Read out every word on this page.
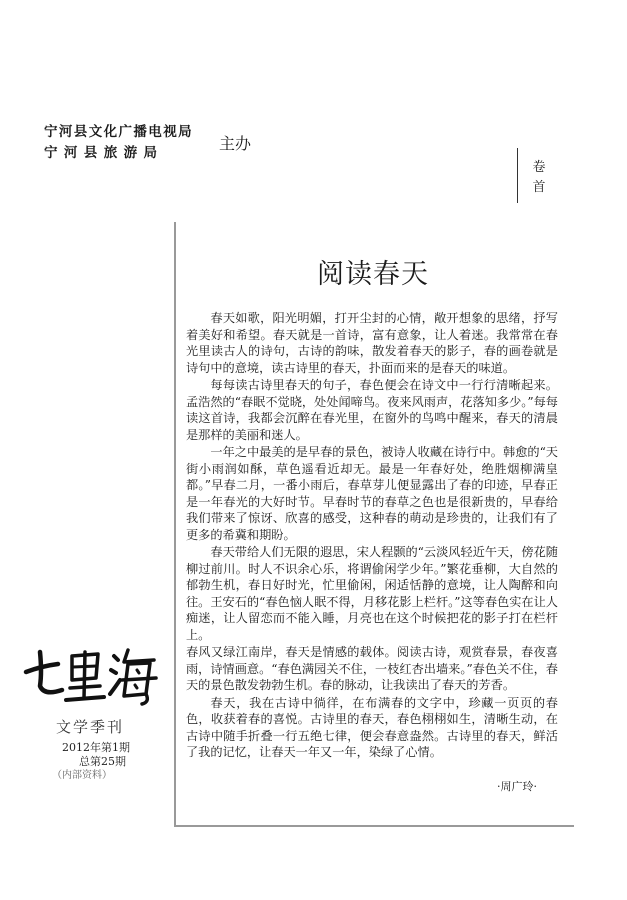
宁河县文化广播电视局
宁河县旅游局	主办
卷首
阅读春天

春天如歌，阳光明媚，打开尘封的心情，敞开想象的思绪，抒写着美好和希望。春天就是一首诗，富有意象，让人着迷。我常常在春光里读古人的诗句，古诗的韵味，散发着春天的影子，春的画卷就是诗句中的意境，读古诗里的春天，扑面而来的是春天的味道。

每每读古诗里春天的句子，春色便会在诗文中一行行清晰起来。孟浩然的“春眠不觉晓，处处闻啼鸟。夜来风雨声，花落知多少。”每每读这首诗，我都会沉醉在春光里，在窗外的鸟鸣中醒来，春天的清晨是那样的美丽和迷人。

一年之中最美的是早春的景色，被诗人收藏在诗行中。韩愈的“天街小雨润如酥，草色遥看近却无。最是一年春好处，绝胜烟柳满皇都。”早春二月，一番小雨后，春草芽儿便显露出了春的印迹，早春正是一年春光的大好时节。早春时节的春草之色也是很新贵的，早春给我们带来了惊讶、欣喜的感受，这种春的萌动是珍贵的，让我们有了更多的希冀和期盼。

春天带给人们无限的遐思，宋人程颢的“云淡风轻近午天，傍花随柳过前川。时人不识余心乐，将谓偷闲学少年。”繁花垂柳，大自然的郁勃生机，春日好时光，忙里偷闲，闲适恬静的意境，让人陶醉和向往。王安石的“春色恼人眠不得，月移花影上栏杆。”这等春色实在让人痴迷，让人留恋而不能入睡，月亮也在这个时候把花的影子打在栏杆上。

春风又绿江南岸，春天是情感的载体。阅读古诗，观赏春景，春夜喜雨，诗情画意。“春色满园关不住，一枝红杏出墙来。”春色关不住，春天的景色散发勃勃生机。春的脉动，让我读出了春天的芳香。

春天，我在古诗中徜徉，在布满春的文字中，珍藏一页页的春色，收获着春的喜悦。古诗里的春天，春色栩栩如生，清晰生动，在古诗中随手折叠一行五绝七律，便会春意盎然。古诗里的春天，鲜活了我的记忆，让春天一年又一年，染绿了心情。

·周广玲·
文学季刊
2012年第1期
总第25期
（内部资料）
